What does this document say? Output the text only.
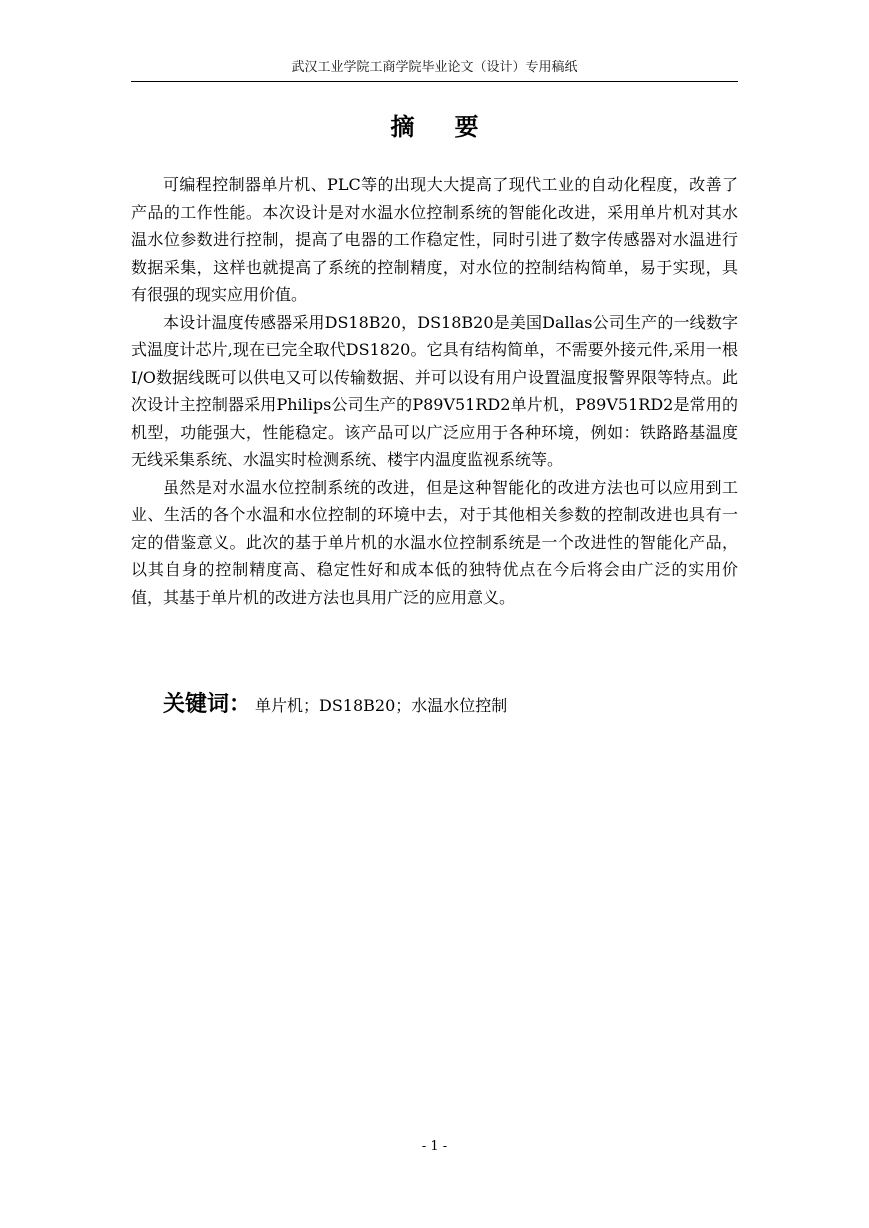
武汉工业学院工商学院毕业论文（设计）专用稿纸
摘要

可编程控制器单片机、PLC等的出现大大提高了现代工业的自动化程度，改善了产品的工作性能。本次设计是对水温水位控制系统的智能化改进，采用单片机对其水温水位参数进行控制，提高了电器的工作稳定性，同时引进了数字传感器对水温进行数据采集，这样也就提高了系统的控制精度，对水位的控制结构简单，易于实现，具有很强的现实应用价值。

本设计温度传感器采用DS18B20，DS18B20是美国Dallas公司生产的一线数字式温度计芯片,现在已完全取代DS1820。它具有结构简单，不需要外接元件,采用一根I/O数据线既可以供电又可以传输数据、并可以设有用户设置温度报警界限等特点。此次设计主控制器采用Philips公司生产的P89V51RD2单片机，P89V51RD2是常用的机型，功能强大，性能稳定。该产品可以广泛应用于各种环境，例如：铁路路基温度无线采集系统、水温实时检测系统、楼宇内温度监视系统等。

虽然是对水温水位控制系统的改进，但是这种智能化的改进方法也可以应用到工业、生活的各个水温和水位控制的环境中去，对于其他相关参数的控制改进也具有一定的借鉴意义。此次的基于单片机的水温水位控制系统是一个改进性的智能化产品，以其自身的控制精度高、稳定性好和成本低的独特优点在今后将会由广泛的实用价值，其基于单片机的改进方法也具用广泛的应用意义。

关键词： 单片机；DS18B20；水温水位控制
- 1 -
